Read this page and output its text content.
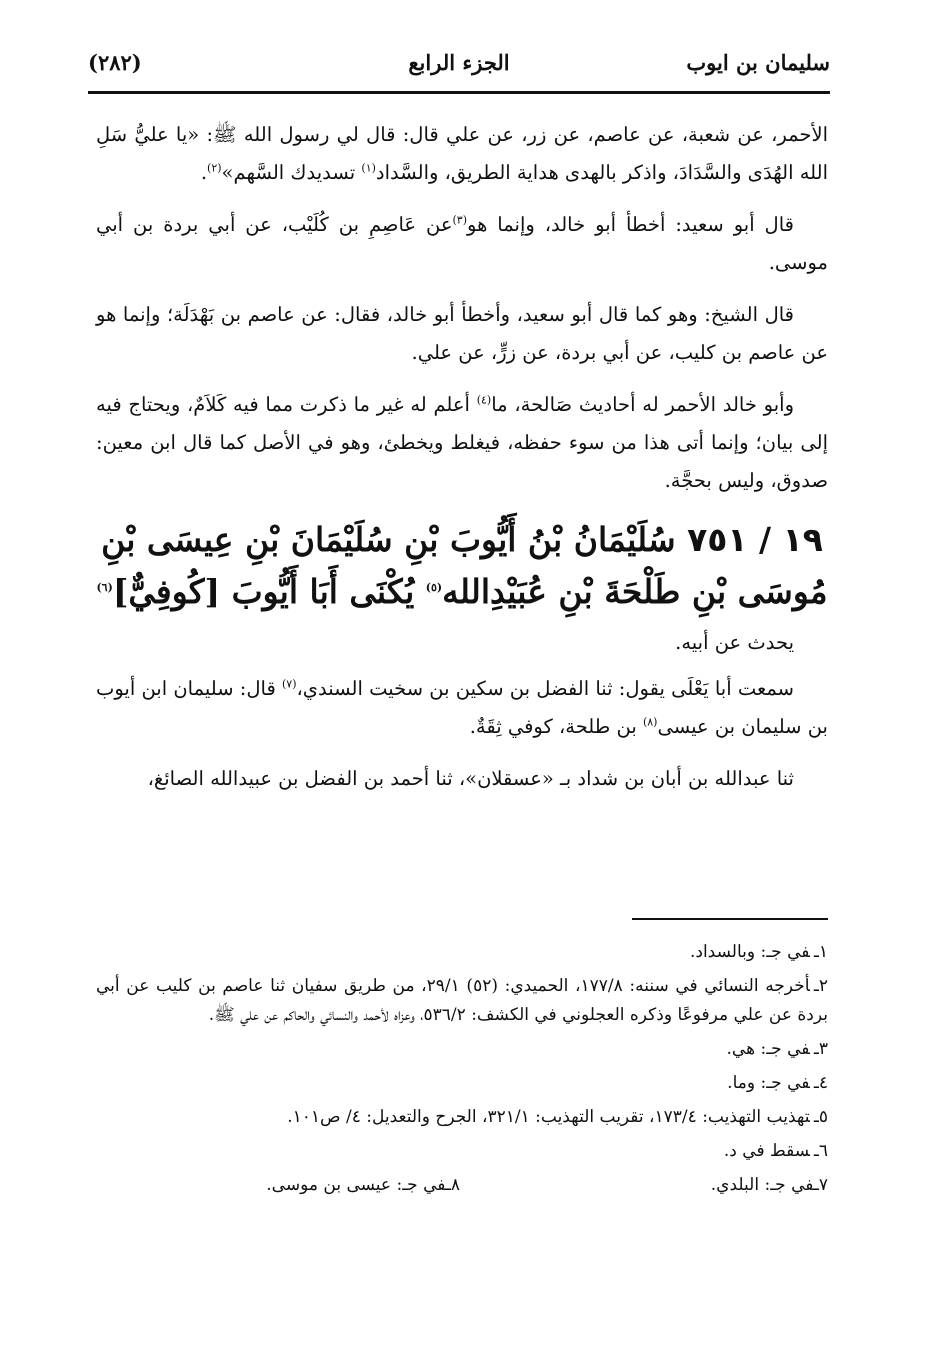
سليمان بن ايوب
الجزء الرابع
(٢٨٢)

الأحمر، عن شعبة، عن عاصم، عن زر، عن علي قال: قال لي رسول الله ﷺ: «يا عليُّ سَلِ الله الهُدَى والسَّدَادَ، واذكر بالهدى هداية الطريق، والسَّداد$^{(١)}$ تسديدك السَّهم»$^{(٢)}$.

قال أبو سعيد: أخطأ أبو خالد، وإنما هو$^{(٣)}$عن عَاصِمِ بن كُلَيْب، عن أبي بردة بن أبي موسى.

قال الشيخ: وهو كما قال أبو سعيد، وأخطأ أبو خالد، فقال: عن عاصم بن بَهْدَلَة؛ وإنما هو عن عاصم بن كليب، عن أبي بردة، عن زرٍّ، عن علي.

وأبو خالد الأحمر له أحاديث صَالحة، ما$^{(٤)}$ أعلم له غير ما ذكرت مما فيه كَلاَمٌ، ويحتاج فيه إلى بيان؛ وإنما أتى هذا من سوء حفظه، فيغلط ويخطئ، وهو في الأصل كما قال ابن معين: صدوق، وليس بحجَّة.

١٩ / ٧٥١ سُلَيْمَانُ بْنُ أَيُّوبَ بْنِ سُلَيْمَانَ بْنِ عِيسَى بْنِ مُوسَى بْنِ طَلْحَةَ بْنِ عُبَيْدِالله$^{(٥)}$ يُكْنَى أَبَا أَيُّوبَ [كُوفِيٌّ]$^{(٦)}$

يحدث عن أبيه.

سمعت أبا يَعْلَى يقول: ثنا الفضل بن سكين بن سخيت السندي،$^{(٧)}$ قال: سليمان ابن أيوب بن سليمان بن عيسى$^{(٨)}$ بن طلحة، كوفي ثِقَةٌ.

ثنا عبدالله بن أبان بن شداد بـ «عسقلان»، ثنا أحمد بن الفضل بن عبيدالله الصائغ،

١ـفي جـ: وبالسداد.

٢ـأخرجه النسائي في سننه: ١٧٧/٨، الحميدي: (٥٢) ٢٩/١، من طريق سفيان ثنا عاصم بن كليب عن أبي بردة عن علي مرفوعًا وذكره العجلوني في الكشف: ٥٣٦/٢، وعزاه لأحمد والنسائي والحاكم عن علي ﷺ.

٣ـفي جـ: هي.

٤ـفي جـ: وما.

٥ـتهذيب التهذيب: ١٧٣/٤، تقريب التهذيب: ٣٢١/١، الجرح والتعديل: ٤/ ص١٠١.

٦ـسقط في د.

٧ـفي جـ: البلدي.
٨ـفي جـ: عيسى بن موسى.
